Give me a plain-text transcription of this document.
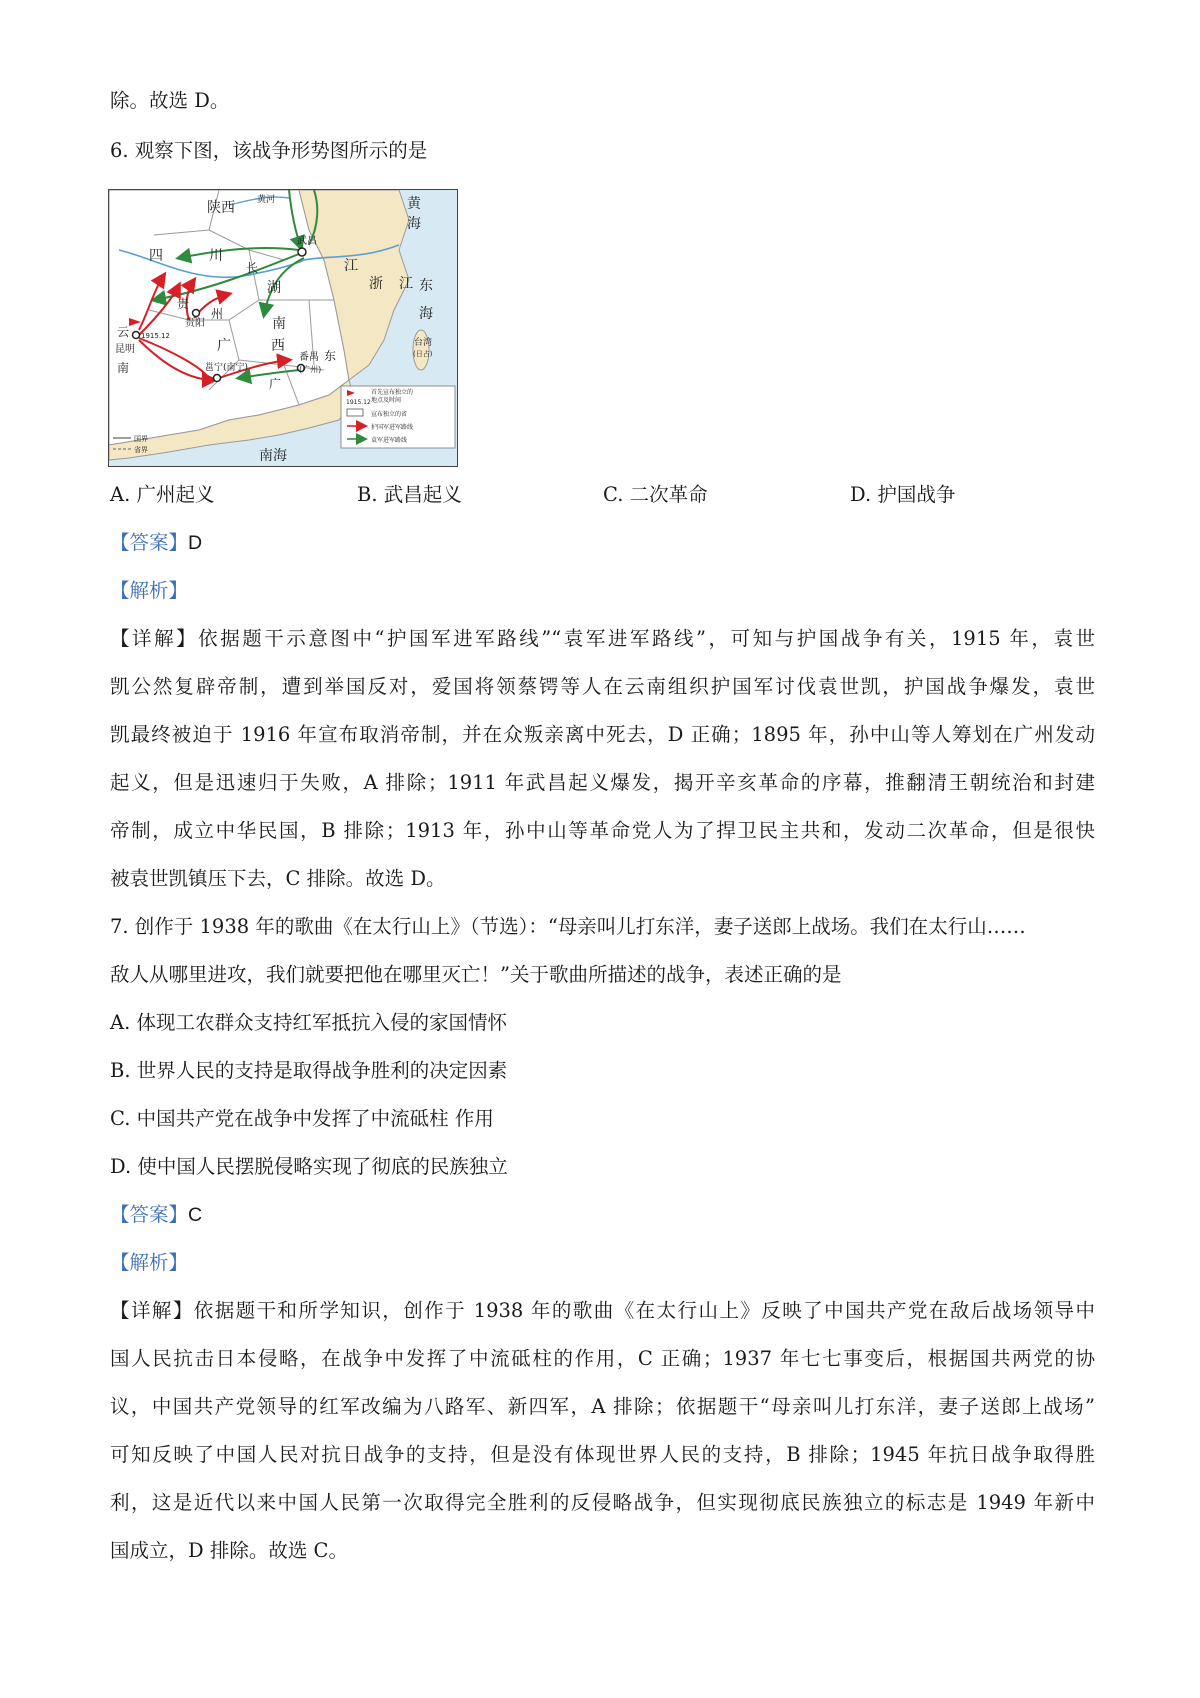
除。故选 D。
6. 观察下图，该战争形势图所示的是
陕西 黄河	黄
海
四	川
长	江
武昌
浙 江 东
海
湖
南
贵
州
贵阳
云
南
昆明
1915.12
广	西
邕宁(南宁)
番禺 东
(广州)
广
台湾
(日占)
南海
国界
省界
1915.12
首先宣布独立的
地点及时间
宣布独立的省
护国军进军路线
袁军进军路线
A. 广州起义	B. 武昌起义	C. 二次革命	D. 护国战争
【答案】D
【解析】
【详解】依据题干示意图中“护国军进军路线”“袁军进军路线”，可知与护国战争有关，1915 年，袁世
凯公然复辟帝制，遭到举国反对，爱国将领蔡锷等人在云南组织护国军讨伐袁世凯，护国战争爆发，袁世
凯最终被迫于 1916 年宣布取消帝制，并在众叛亲离中死去，D 正确；1895 年，孙中山等人筹划在广州发动
起义，但是迅速归于失败，A 排除；1911 年武昌起义爆发，揭开辛亥革命的序幕，推翻清王朝统治和封建
帝制，成立中华民国，B 排除；1913 年，孙中山等革命党人为了捍卫民主共和，发动二次革命，但是很快
被袁世凯镇压下去，C 排除。故选 D。
7. 创作于 1938 年的歌曲《在太行山上》（节选）：“母亲叫儿打东洋，妻子送郎上战场。我们在太行山……
敌人从哪里进攻，我们就要把他在哪里灭亡！”关于歌曲所描述的战争，表述正确的是
A. 体现工农群众支持红军抵抗入侵的家国情怀
B. 世界人民的支持是取得战争胜利的决定因素
C. 中国共产党在战争中发挥了中流砥柱 作用
D. 使中国人民摆脱侵略实现了彻底的民族独立
【答案】C
【解析】
【详解】依据题干和所学知识，创作于 1938 年的歌曲《在太行山上》反映了中国共产党在敌后战场领导中
国人民抗击日本侵略，在战争中发挥了中流砥柱的作用，C 正确；1937 年七七事变后，根据国共两党的协
议，中国共产党领导的红军改编为八路军、新四军，A 排除；依据题干“母亲叫儿打东洋，妻子送郎上战场”
可知反映了中国人民对抗日战争的支持，但是没有体现世界人民的支持，B 排除；1945 年抗日战争取得胜
利，这是近代以来中国人民第一次取得完全胜利的反侵略战争，但实现彻底民族独立的标志是 1949 年新中
国成立，D 排除。故选 C。
